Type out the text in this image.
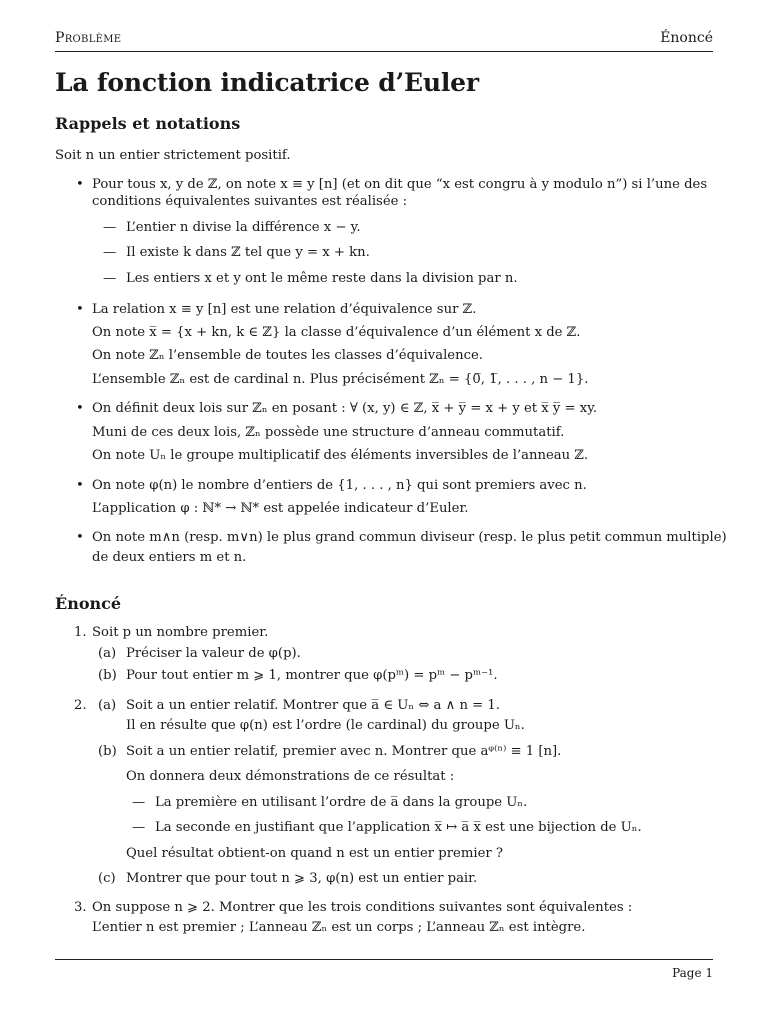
Problème	Énoncé
La fonction indicatrice d’Euler
Rappels et notations
Soit n un entier strictement positif.
• Pour tous x, y de ℤ, on note x ≡ y [n] (et on dit que “x est congru à y modulo n”) si l’une des
conditions équivalentes suivantes est réalisée :
— L’entier n divise la différence x − y.
— Il existe k dans ℤ tel que y = x + kn.
— Les entiers x et y ont le même reste dans la division par n.
• La relation x ≡ y [n] est une relation d’équivalence sur ℤ.
On note x̅ = {x + kn, k ∈ ℤ} la classe d’équivalence d’un élément x de ℤ.
On note ℤₙ l’ensemble de toutes les classes d’équivalence.
L’ensemble ℤₙ est de cardinal n. Plus précisément ℤₙ = {0̅, 1̅, . . . , n − 1}.
• On définit deux lois sur ℤₙ en posant : ∀ (x, y) ∈ ℤ, x̅ + y̅ = x + y et x̅ y̅ = xy.
Muni de ces deux lois, ℤₙ possède une structure d’anneau commutatif.
On note Uₙ le groupe multiplicatif des éléments inversibles de l’anneau ℤ.
• On note φ(n) le nombre d’entiers de {1, . . . , n} qui sont premiers avec n.
L’application φ : ℕ* → ℕ* est appelée indicateur d’Euler.
• On note m∧n (resp. m∨n) le plus grand commun diviseur (resp. le plus petit commun multiple)
de deux entiers m et n.
Énoncé
1. Soit p un nombre premier.
(a) Préciser la valeur de φ(p).
(b) Pour tout entier m ⩾ 1, montrer que φ(pᵐ) = pᵐ − pᵐ⁻¹.
2. (a) Soit a un entier relatif. Montrer que a̅ ∈ Uₙ ⇔ a ∧ n = 1.
Il en résulte que φ(n) est l’ordre (le cardinal) du groupe Uₙ.
(b) Soit a un entier relatif, premier avec n. Montrer que aᵠ⁽ⁿ⁾ ≡ 1 [n].
On donnera deux démonstrations de ce résultat :
— La première en utilisant l’ordre de a̅ dans la groupe Uₙ.
— La seconde en justifiant que l’application x̅ ↦ a̅ x̅ est une bijection de Uₙ.
Quel résultat obtient-on quand n est un entier premier ?
(c) Montrer que pour tout n ⩾ 3, φ(n) est un entier pair.
3. On suppose n ⩾ 2. Montrer que les trois conditions suivantes sont équivalentes :
L’entier n est premier ; L’anneau ℤₙ est un corps ; L’anneau ℤₙ est intègre.
Page 1
